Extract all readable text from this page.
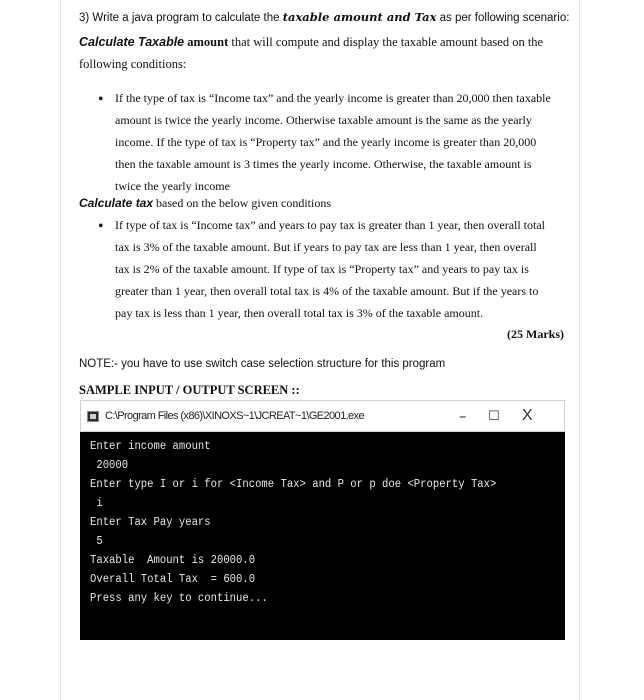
3) Write a java program to calculate the taxable amount and Tax as per following scenario:
Calculate Taxable amount that will compute and display the taxable amount based on the
following conditions:
• If the type of tax is “Income tax” and the yearly income is greater than 20,000 then taxable
amount is twice the yearly income. Otherwise taxable amount is the same as the yearly
income. If the type of tax is “Property tax” and the yearly income is greater than 20,000
then the taxable amount is 3 times the yearly income. Otherwise, the taxable amount is
twice the yearly income
Calculate tax based on the below given conditions
• If type of tax is “Income tax” and years to pay tax is greater than 1 year, then overall total
tax is 3% of the taxable amount. But if years to pay tax are less than 1 year, then overall
tax is 2% of the taxable amount. If type of tax is “Property tax” and years to pay tax is
greater than 1 year, then overall total tax is 4% of the taxable amount. But if the years to
pay tax is less than 1 year, then overall total tax is 3% of the taxable amount.
(25 Marks)
NOTE:- you have to use switch case selection structure for this program
SAMPLE INPUT / OUTPUT SCREEN ::
C:\Program Files (x86)\XINOXS~1\JCREAT~1\GE2001.exe	– ☐ X
Enter income amount
20000
Enter type I or i for <Income Tax> and P or p doe <Property Tax>
i
Enter Tax Pay years
5
Taxable  Amount is 20000.0
Overall Total Tax  = 600.0
Press any key to continue...
